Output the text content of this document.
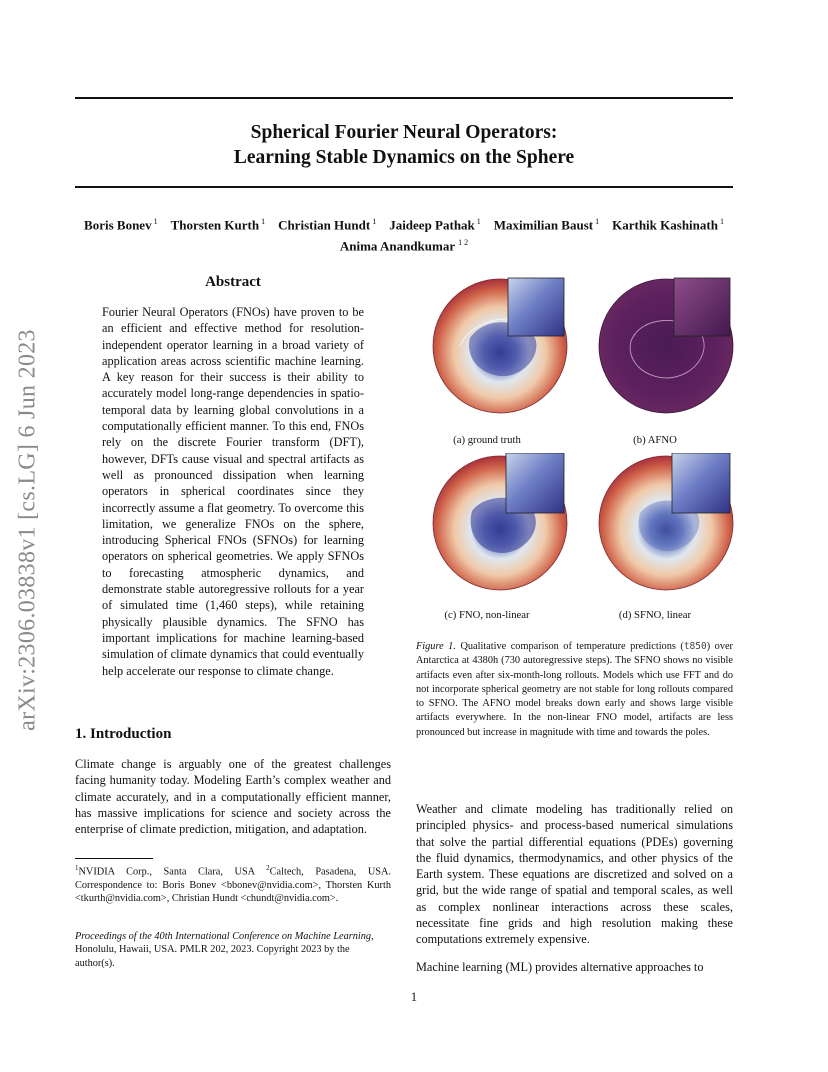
Spherical Fourier Neural Operators:
Learning Stable Dynamics on the Sphere
Boris Bonev $^1$  Thorsten Kurth $^1$  Christian Hundt $^1$  Jaideep Pathak $^1$  Maximilian Baust $^1$  Karthik Kashinath $^1$
Anima Anandkumar $^{1 2}$
arXiv:2306.03838v1 [cs.LG] 6 Jun 2023
Abstract
Fourier Neural Operators (FNOs) have proven to be an efficient and effective method for resolution-independent operator learning in a broad variety of application areas across scientific machine learning. A key reason for their success is their ability to accurately model long-range dependencies in spatio-temporal data by learning global convolutions in a computationally efficient manner. To this end, FNOs rely on the discrete Fourier transform (DFT), however, DFTs cause visual and spectral artifacts as well as pronounced dissipation when learning operators in spherical coordinates since they incorrectly assume a flat geometry. To overcome this limitation, we generalize FNOs on the sphere, introducing Spherical FNOs (SFNOs) for learning operators on spherical geometries. We apply SFNOs to forecasting atmospheric dynamics, and demonstrate stable autoregressive rollouts for a year of simulated time (1,460 steps), while retaining physically plausible dynamics. The SFNO has important implications for machine learning-based simulation of climate dynamics that could eventually help accelerate our response to climate change.
1. Introduction
Climate change is arguably one of the greatest challenges facing humanity today. Modeling Earth’s complex weather and climate accurately, and in a computationally efficient manner, has massive implications for science and society across the enterprise of climate prediction, mitigation, and adaptation.
$^1$NVIDIA Corp., Santa Clara, USA $^2$Caltech, Pasadena, USA. Correspondence to: Boris Bonev <bbonev@nvidia.com>, Thorsten Kurth <tkurth@nvidia.com>, Christian Hundt <chundt@nvidia.com>.
Proceedings of the 40th International Conference on Machine Learning, Honolulu, Hawaii, USA. PMLR 202, 2023. Copyright 2023 by the author(s).
(a) ground truth	(b) AFNO
(c) FNO, non-linear	(d) SFNO, linear
Figure 1. Qualitative comparison of temperature predictions (t850) over Antarctica at 4380h (730 autoregressive steps). The SFNO shows no visible artifacts even after six-month-long rollouts. Models which use FFT and do not incorporate spherical geometry are not stable for long rollouts compared to SFNO. The AFNO model breaks down early and shows large visible artifacts everywhere. In the non-linear FNO model, artifacts are less pronounced but increase in magnitude with time and towards the poles.
Weather and climate modeling has traditionally relied on principled physics- and process-based numerical simulations that solve the partial differential equations (PDEs) governing the fluid dynamics, thermodynamics, and other physics of the Earth system. These equations are discretized and solved on a grid, but the wide range of spatial and temporal scales, as well as complex nonlinear interactions across these scales, necessitate fine grids and high resolution making these computations extremely expensive.
Machine learning (ML) provides alternative approaches to
1
